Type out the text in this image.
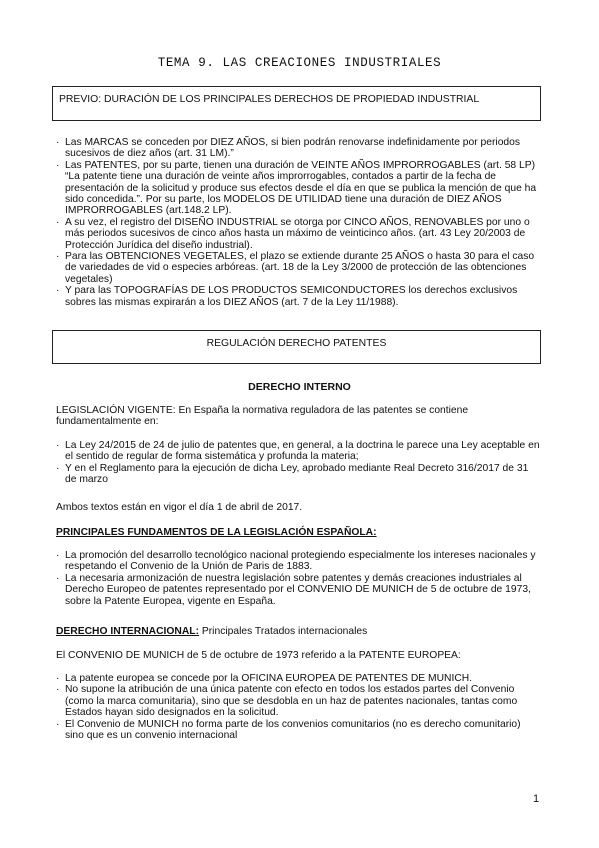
TEMA 9. LAS CREACIONES INDUSTRIALES
PREVIO: DURACIÓN DE LOS PRINCIPALES DERECHOS DE PROPIEDAD INDUSTRIAL
· Las MARCAS se conceden por DIEZ AÑOS, si bien podrán renovarse indefinidamente por periodos sucesivos de diez años (art. 31 LM).”
· Las PATENTES, por su parte, tienen una duración de VEINTE AÑOS IMPRORROGABLES (art. 58 LP) “La patente tiene una duración de veinte años improrrogables, contados a partir de la fecha de presentación de la solicitud y produce sus efectos desde el día en que se publica la mención de que ha sido concedida.”. Por su parte, los MODELOS DE UTILIDAD tiene una duración de DIEZ AÑOS IMPRORROGABLES (art.148.2 LP).
· A su vez, el registro del DISEÑO INDUSTRIAL se otorga por CINCO AÑOS, RENOVABLES por uno o más periodos sucesivos de cinco años hasta un máximo de veinticinco años. (art. 43 Ley 20/2003 de Protección Jurídica del diseño industrial).
· Para las OBTENCIONES VEGETALES, el plazo se extiende durante 25 AÑOS o hasta 30 para el caso de variedades de vid o especies arbóreas. (art. 18 de la Ley 3/2000 de protección de las obtenciones vegetales)
· Y para las TOPOGRAFÍAS DE LOS PRODUCTOS SEMICONDUCTORES los derechos exclusivos sobres las mismas expirarán a los DIEZ AÑOS (art. 7 de la Ley 11/1988).
REGULACIÓN DERECHO PATENTES
DERECHO INTERNO

LEGISLACIÓN VIGENTE: En España la normativa reguladora de las patentes se contiene fundamentalmente en:

· La Ley 24/2015 de 24 de julio de patentes que, en general, a la doctrina le parece una Ley aceptable en el sentido de regular de forma sistemática y profunda la materia;
· Y en el Reglamento para la ejecución de dicha Ley, aprobado mediante Real Decreto 316/2017 de 31 de marzo

Ambos textos están en vigor el día 1 de abril de 2017.

PRINCIPALES FUNDAMENTOS DE LA LEGISLACIÓN ESPAÑOLA:

· La promoción del desarrollo tecnológico nacional protegiendo especialmente los intereses nacionales y respetando el Convenio de la Unión de Paris de 1883.
· La necesaria armonización de nuestra legislación sobre patentes y demás creaciones industriales al Derecho Europeo de patentes representado por el CONVENIO DE MUNICH de 5 de octubre de 1973, sobre la Patente Europea, vigente en España.

DERECHO INTERNACIONAL: Principales Tratados internacionales

El CONVENIO DE MUNICH de 5 de octubre de 1973 referido a la PATENTE EUROPEA:

· La patente europea se concede por la OFICINA EUROPEA DE PATENTES DE MUNICH.
· No supone la atribución de una única patente con efecto en todos los estados partes del Convenio (como la marca comunitaria), sino que se desdobla en un haz de patentes nacionales, tantas como Estados hayan sido designados en la solicitud.
· El Convenio de MUNICH no forma parte de los convenios comunitarios (no es derecho comunitario) sino que es un convenio internacional
1
